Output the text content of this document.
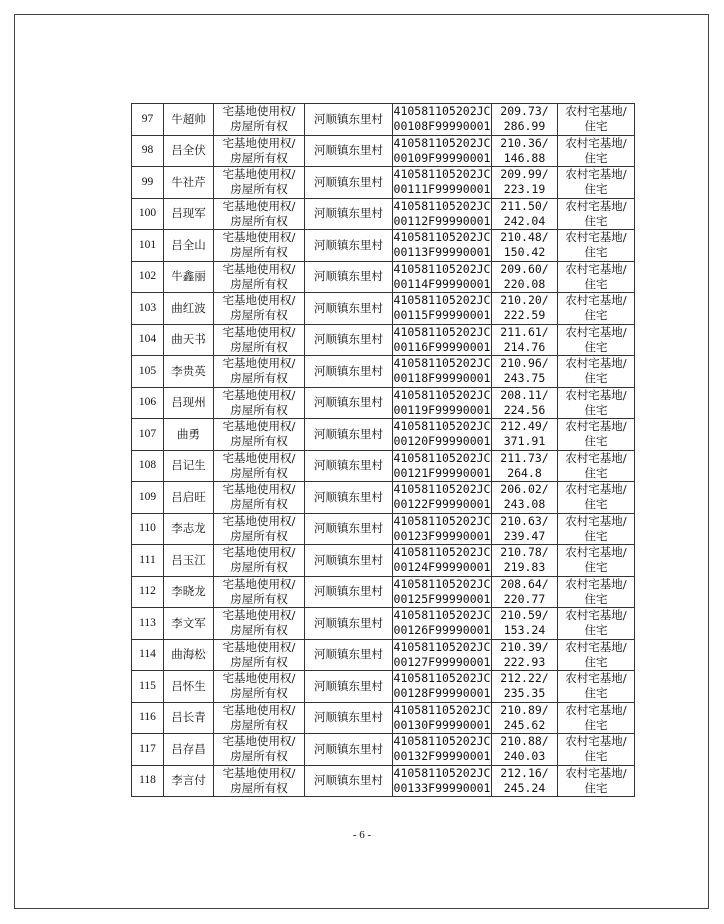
97	牛超帅	宅基地使用权/
房屋所有权	河顺镇东里村	410581105202JC
00108F99990001	209.73/
286.99	农村宅基地/
住宅

98	吕全伏	宅基地使用权/
房屋所有权	河顺镇东里村	410581105202JC
00109F99990001	210.36/
146.88	农村宅基地/
住宅

99	牛社芹	宅基地使用权/
房屋所有权	河顺镇东里村	410581105202JC
00111F99990001	209.99/
223.19	农村宅基地/
住宅

100	吕现军	宅基地使用权/
房屋所有权	河顺镇东里村	410581105202JC
00112F99990001	211.50/
242.04	农村宅基地/
住宅

101	吕全山	宅基地使用权/
房屋所有权	河顺镇东里村	410581105202JC
00113F99990001	210.48/
150.42	农村宅基地/
住宅

102	牛鑫丽	宅基地使用权/
房屋所有权	河顺镇东里村	410581105202JC
00114F99990001	209.60/
220.08	农村宅基地/
住宅

103	曲红波	宅基地使用权/
房屋所有权	河顺镇东里村	410581105202JC
00115F99990001	210.20/
222.59	农村宅基地/
住宅

104	曲天书	宅基地使用权/
房屋所有权	河顺镇东里村	410581105202JC
00116F99990001	211.61/
214.76	农村宅基地/
住宅

105	李贵英	宅基地使用权/
房屋所有权	河顺镇东里村	410581105202JC
00118F99990001	210.96/
243.75	农村宅基地/
住宅

106	吕现州	宅基地使用权/
房屋所有权	河顺镇东里村	410581105202JC
00119F99990001	208.11/
224.56	农村宅基地/
住宅

107	曲勇	宅基地使用权/
房屋所有权	河顺镇东里村	410581105202JC
00120F99990001	212.49/
371.91	农村宅基地/
住宅

108	吕记生	宅基地使用权/
房屋所有权	河顺镇东里村	410581105202JC
00121F99990001	211.73/
264.8	农村宅基地/
住宅

109	吕启旺	宅基地使用权/
房屋所有权	河顺镇东里村	410581105202JC
00122F99990001	206.02/
243.08	农村宅基地/
住宅

110	李志龙	宅基地使用权/
房屋所有权	河顺镇东里村	410581105202JC
00123F99990001	210.63/
239.47	农村宅基地/
住宅

111	吕玉江	宅基地使用权/
房屋所有权	河顺镇东里村	410581105202JC
00124F99990001	210.78/
219.83	农村宅基地/
住宅

112	李晓龙	宅基地使用权/
房屋所有权	河顺镇东里村	410581105202JC
00125F99990001	208.64/
220.77	农村宅基地/
住宅

113	李文军	宅基地使用权/
房屋所有权	河顺镇东里村	410581105202JC
00126F99990001	210.59/
153.24	农村宅基地/
住宅

114	曲海松	宅基地使用权/
房屋所有权	河顺镇东里村	410581105202JC
00127F99990001	210.39/
222.93	农村宅基地/
住宅

115	吕怀生	宅基地使用权/
房屋所有权	河顺镇东里村	410581105202JC
00128F99990001	212.22/
235.35	农村宅基地/
住宅

116	吕长青	宅基地使用权/
房屋所有权	河顺镇东里村	410581105202JC
00130F99990001	210.89/
245.62	农村宅基地/
住宅

117	吕存昌	宅基地使用权/
房屋所有权	河顺镇东里村	410581105202JC
00132F99990001	210.88/
240.03	农村宅基地/
住宅

118	李言付	宅基地使用权/
房屋所有权	河顺镇东里村	410581105202JC
00133F99990001	212.16/
245.24	农村宅基地/
住宅
- 6 -
